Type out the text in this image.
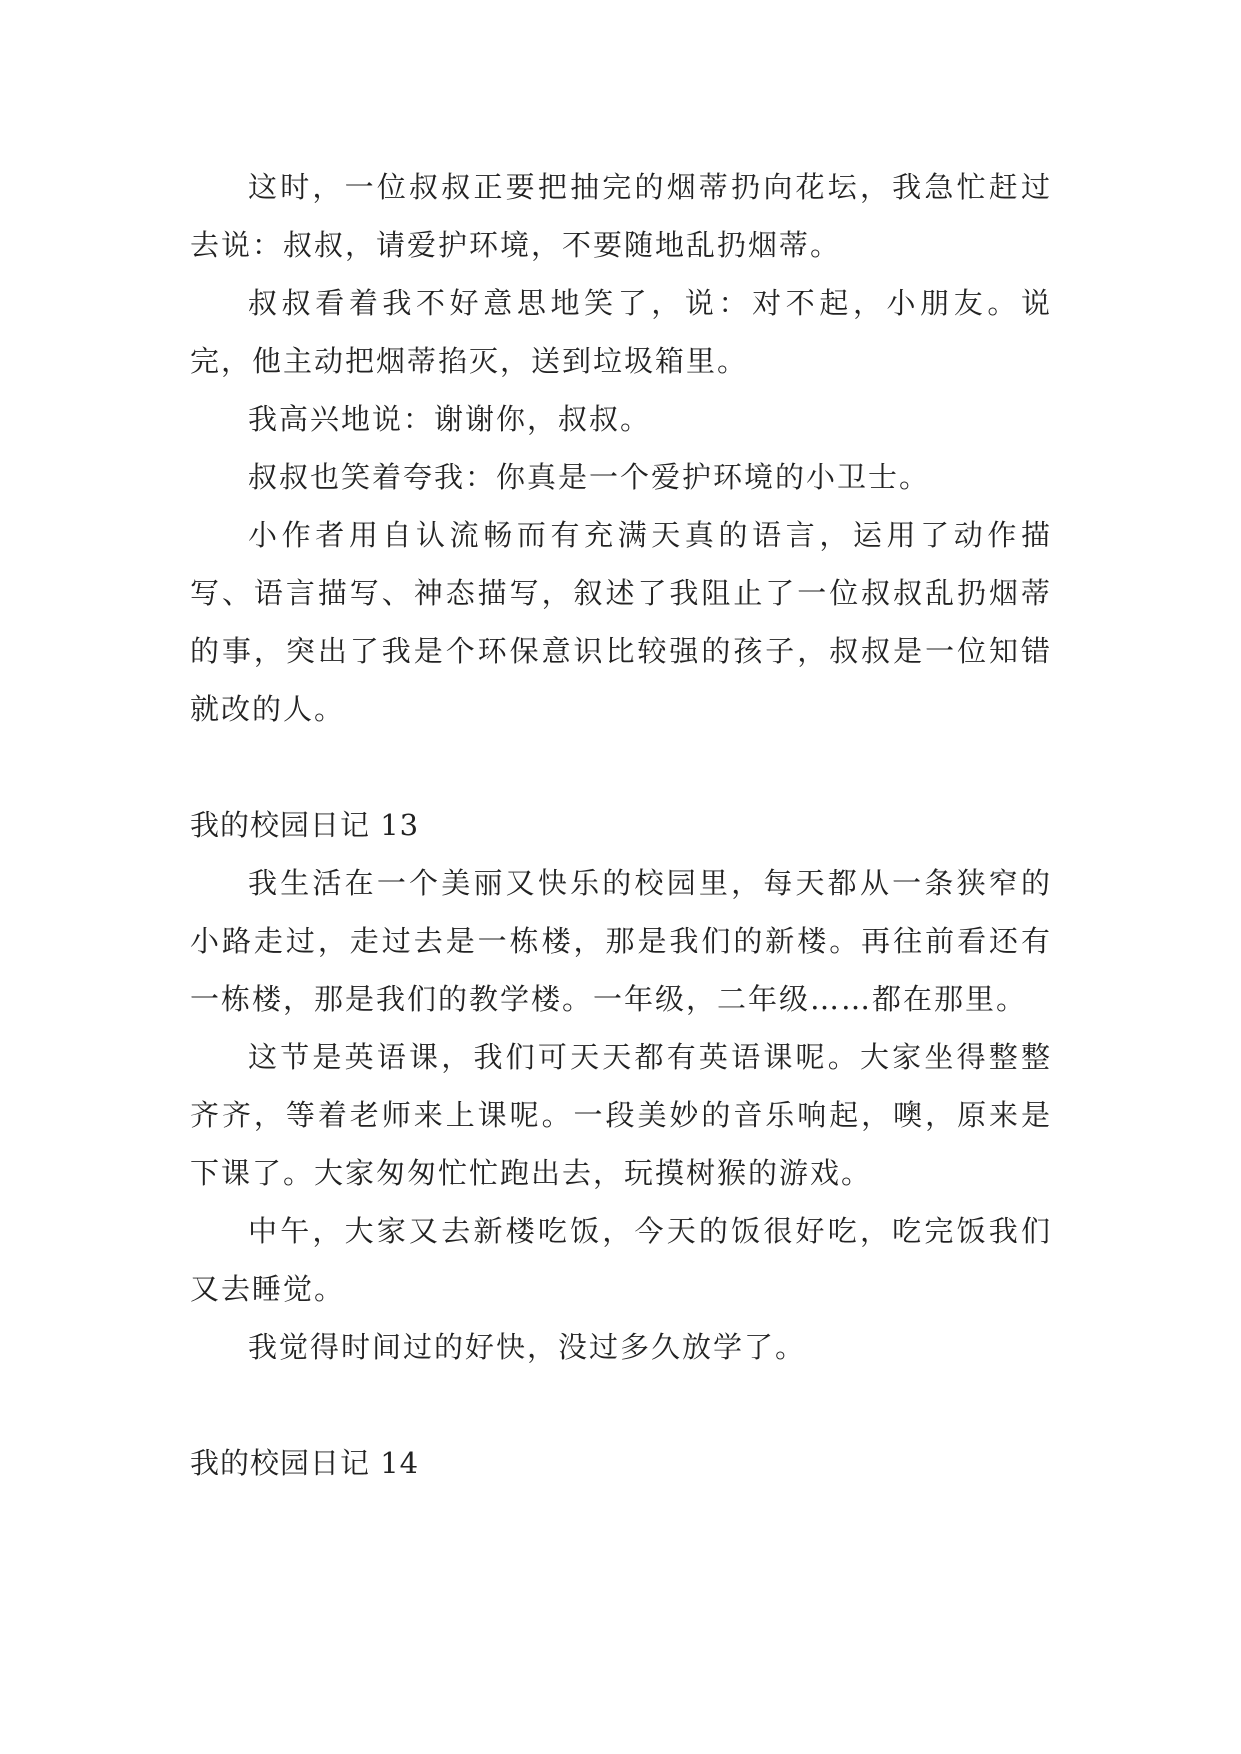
这时，一位叔叔正要把抽完的烟蒂扔向花坛，我急忙赶过去说：叔叔，请爱护环境，不要随地乱扔烟蒂。

叔叔看着我不好意思地笑了，说：对不起，小朋友。说完，他主动把烟蒂掐灭，送到垃圾箱里。

我高兴地说：谢谢你，叔叔。

叔叔也笑着夸我：你真是一个爱护环境的小卫士。

小作者用自认流畅而有充满天真的语言，运用了动作描写、语言描写、神态描写，叙述了我阻止了一位叔叔乱扔烟蒂的事，突出了我是个环保意识比较强的孩子，叔叔是一位知错就改的人。

我的校园日记 13

我生活在一个美丽又快乐的校园里，每天都从一条狭窄的小路走过，走过去是一栋楼，那是我们的新楼。再往前看还有一栋楼，那是我们的教学楼。一年级，二年级……都在那里。

这节是英语课，我们可天天都有英语课呢。大家坐得整整齐齐，等着老师来上课呢。一段美妙的音乐响起，噢，原来是下课了。大家匆匆忙忙跑出去，玩摸树猴的游戏。

中午，大家又去新楼吃饭，今天的饭很好吃，吃完饭我们又去睡觉。

我觉得时间过的好快，没过多久放学了。

我的校园日记 14
